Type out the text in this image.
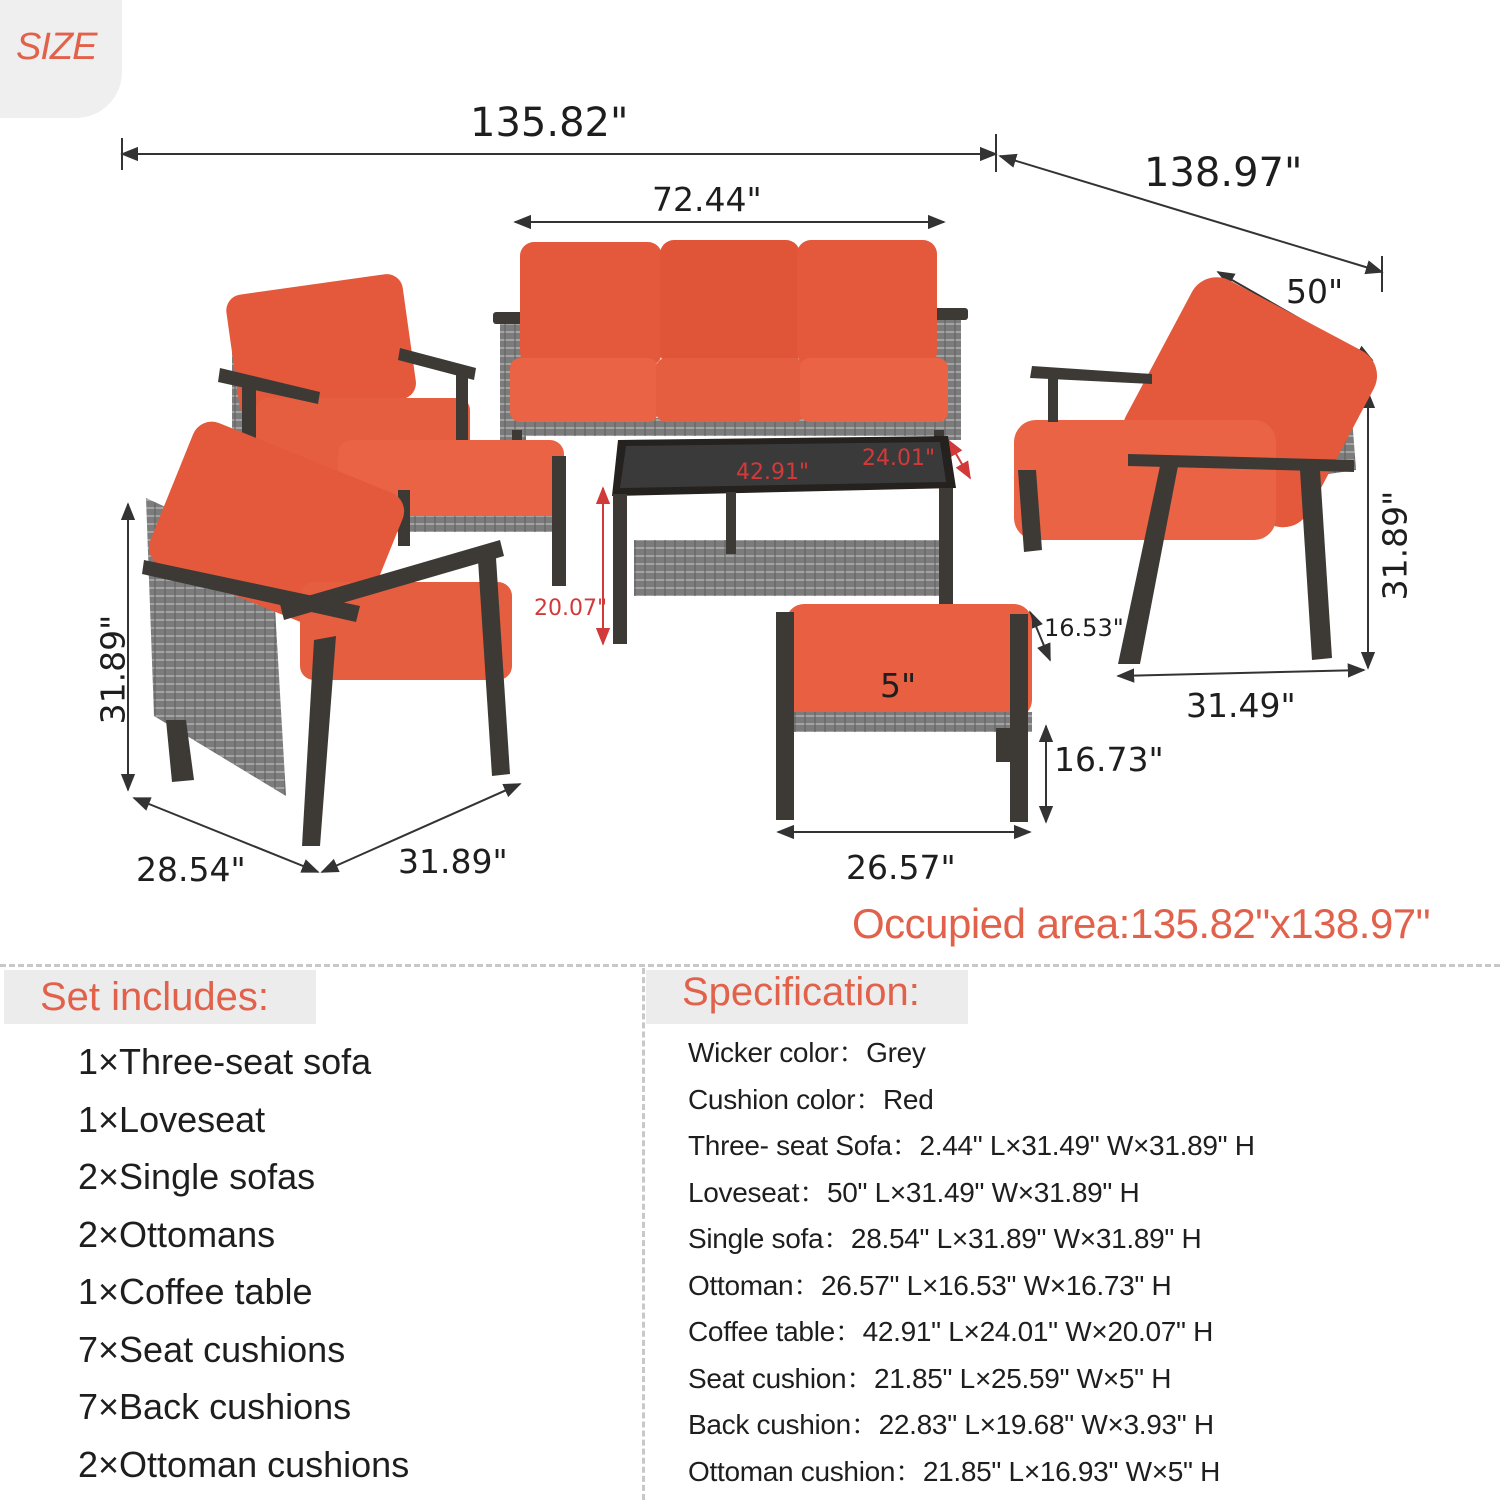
SIZE
135.82"
138.97"
72.44"
50"
31.89"
31.49"
42.91"
24.01"
20.07"
16.53"
5"
16.73"
26.57"
31.89"
28.54"	31.89"
Occupied area:135.82"x138.97"
Set includes:
1×Three-seat sofa
1×Loveseat
2×Single sofas
2×Ottomans
1×Coffee table
7×Seat cushions
7×Back cushions
2×Ottoman cushions
Specification:
Wicker color：Grey
Cushion color：Red
Three- seat Sofa：2.44" L×31.49" W×31.89" H
Loveseat：50" L×31.49" W×31.89" H
Single sofa：28.54" L×31.89" W×31.89" H
Ottoman：26.57" L×16.53" W×16.73" H
Coffee table：42.91" L×24.01" W×20.07" H
Seat cushion：21.85" L×25.59" W×5" H
Back cushion：22.83" L×19.68" W×3.93" H
Ottoman cushion：21.85" L×16.93" W×5" H
